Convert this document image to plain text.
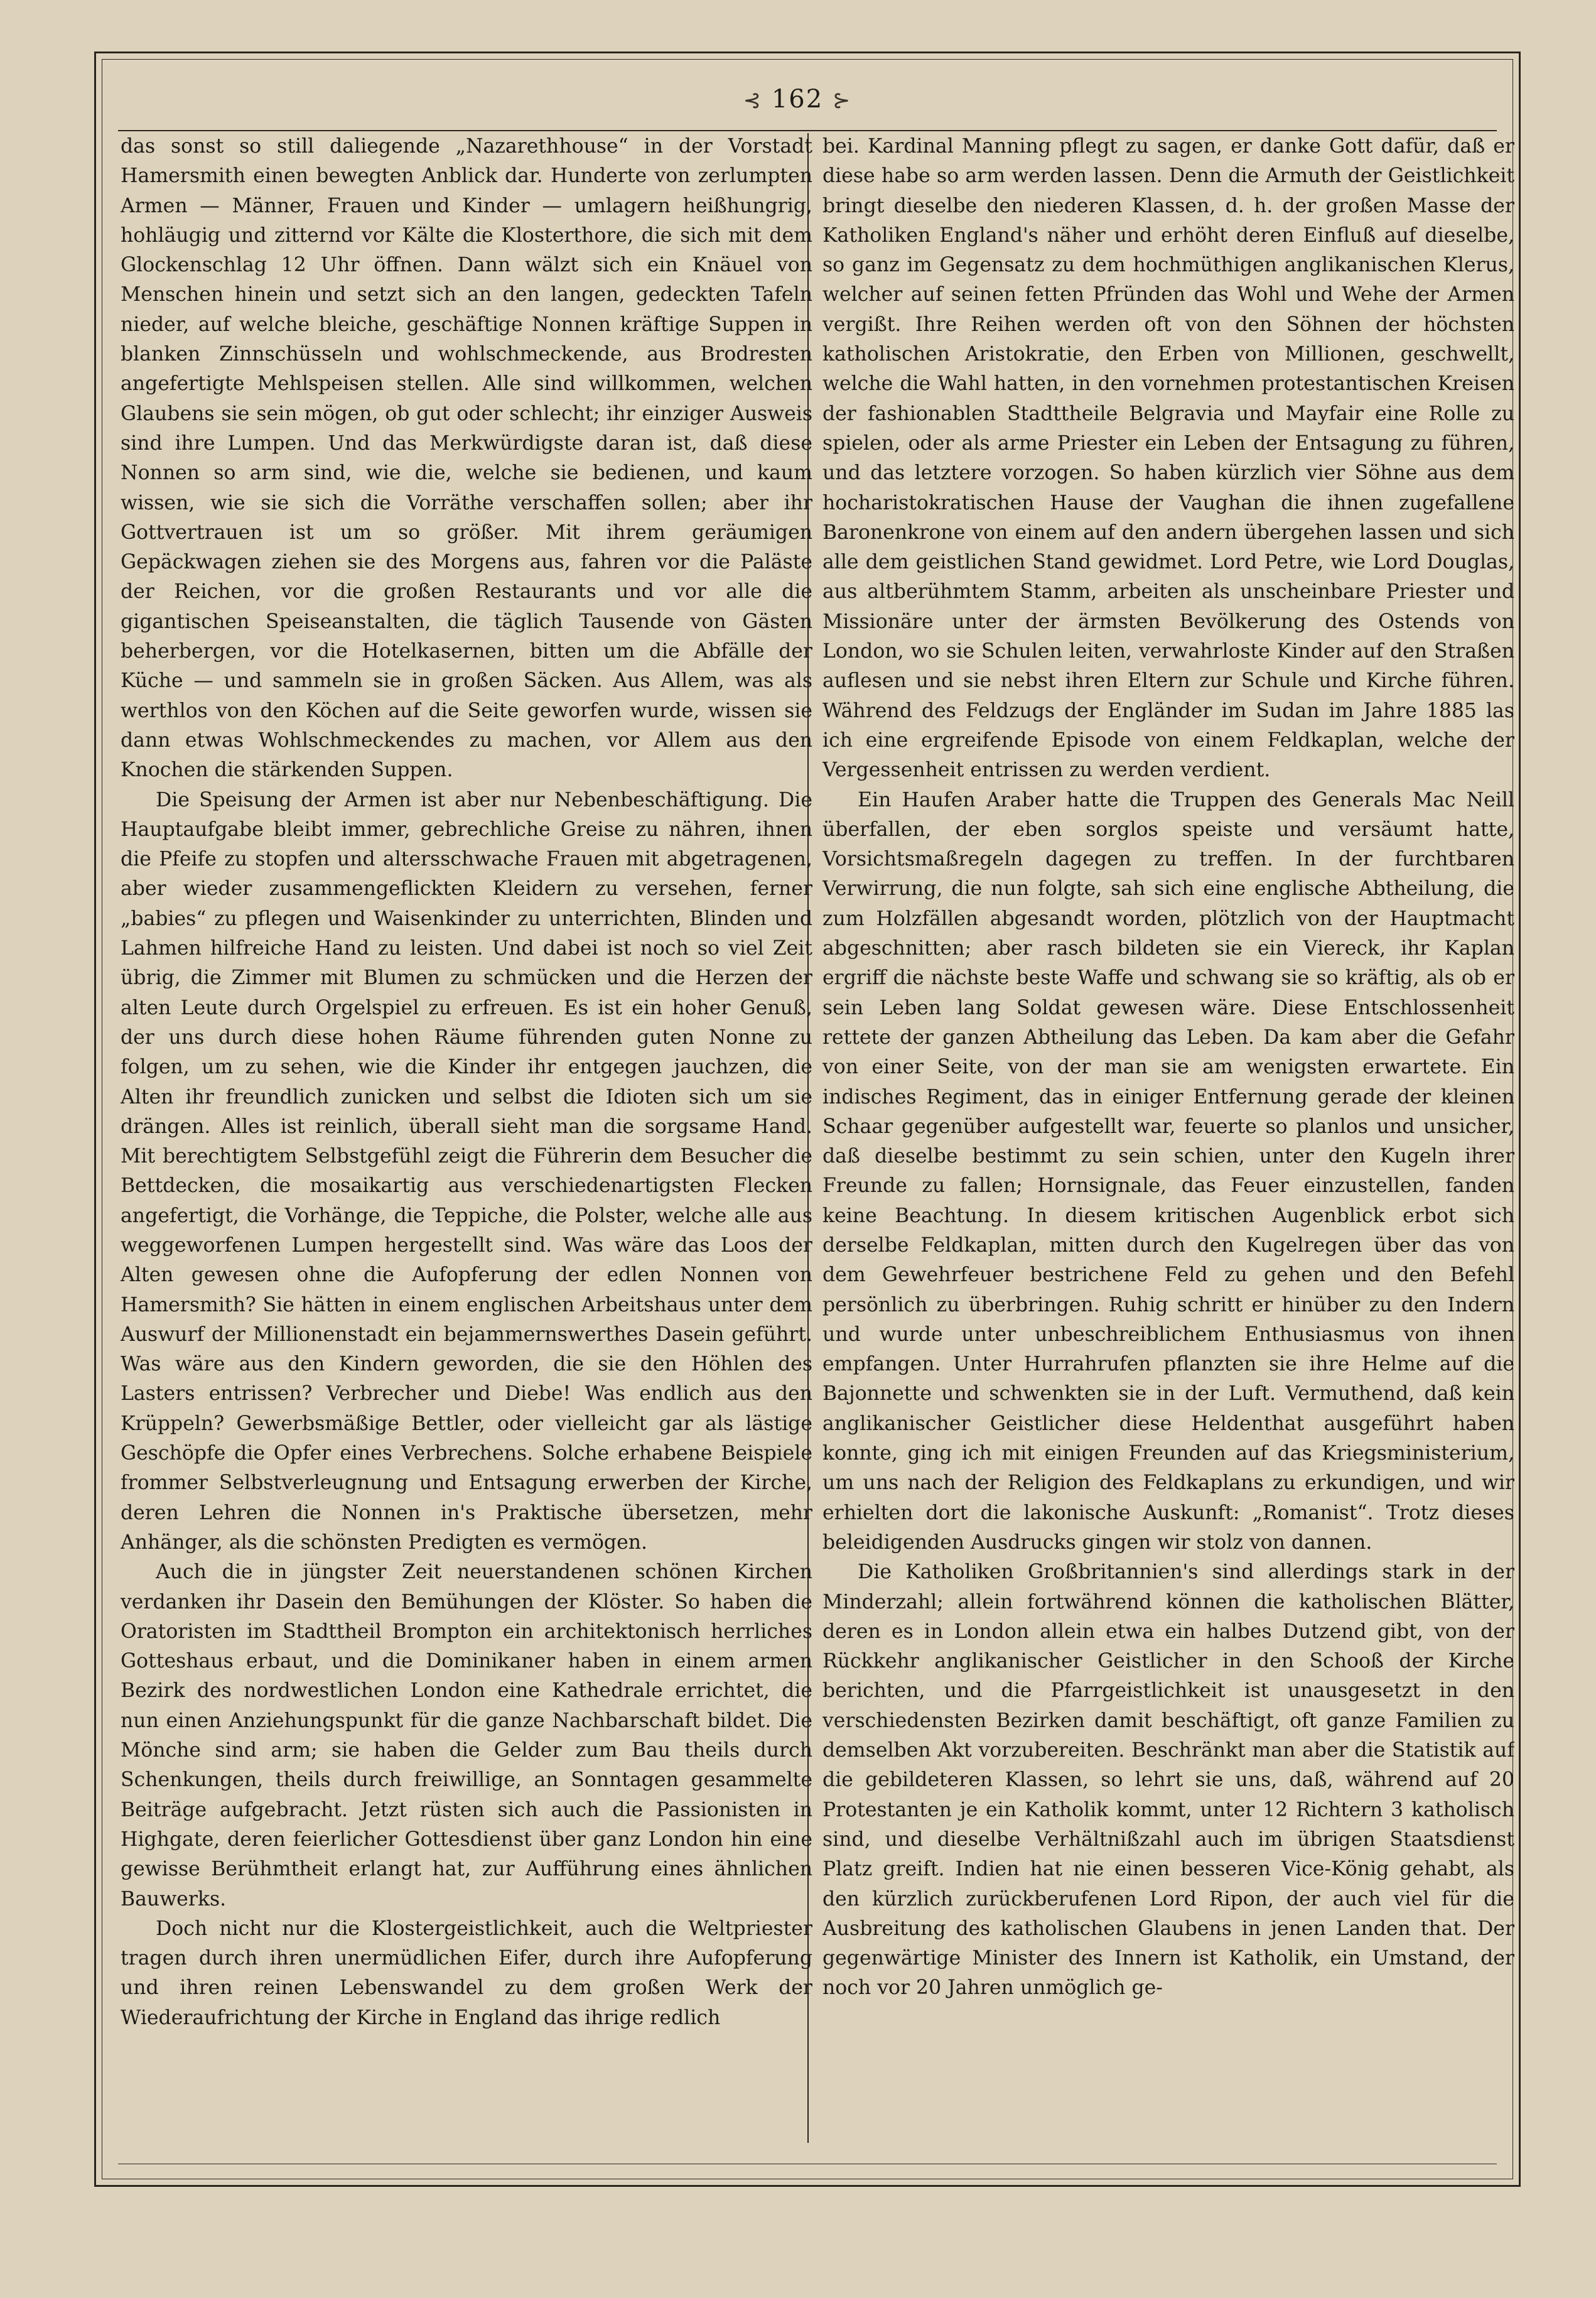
⊰ 162 ⊱

das sonst so still daliegende „Nazarethhouse“ in der Vorstadt Hamersmith einen bewegten Anblick dar. Hunderte von zerlumpten Armen — Männer, Frauen und Kinder — umlagern heißhungrig, hohläugig und zitternd vor Kälte die Klosterthore, die sich mit dem Glockenschlag 12 Uhr öffnen. Dann wälzt sich ein Knäuel von Menschen hinein und setzt sich an den langen, gedeckten Tafeln nieder, auf welche bleiche, geschäftige Nonnen kräftige Suppen in blanken Zinnschüsseln und wohlschmeckende, aus Brodresten angefertigte Mehlspeisen stellen. Alle sind willkommen, welchen Glaubens sie sein mögen, ob gut oder schlecht; ihr einziger Ausweis sind ihre Lumpen. Und das Merkwürdigste daran ist, daß diese Nonnen so arm sind, wie die, welche sie bedienen, und kaum wissen, wie sie sich die Vorräthe verschaffen sollen; aber ihr Gottvertrauen ist um so größer. Mit ihrem geräumigen Gepäckwagen ziehen sie des Morgens aus, fahren vor die Paläste der Reichen, vor die großen Restaurants und vor alle die gigantischen Speiseanstalten, die täglich Tausende von Gästen beherbergen, vor die Hotelkasernen, bitten um die Abfälle der Küche — und sammeln sie in großen Säcken. Aus Allem, was als werthlos von den Köchen auf die Seite geworfen wurde, wissen sie dann etwas Wohlschmeckendes zu machen, vor Allem aus den Knochen die stärkenden Suppen.

Die Speisung der Armen ist aber nur Nebenbeschäftigung. Die Hauptaufgabe bleibt immer, gebrechliche Greise zu nähren, ihnen die Pfeife zu stopfen und altersschwache Frauen mit abgetragenen, aber wieder zusammengeflickten Kleidern zu versehen, ferner „babies“ zu pflegen und Waisenkinder zu unterrichten, Blinden und Lahmen hilfreiche Hand zu leisten. Und dabei ist noch so viel Zeit übrig, die Zimmer mit Blumen zu schmücken und die Herzen der alten Leute durch Orgelspiel zu erfreuen. Es ist ein hoher Genuß, der uns durch diese hohen Räume führenden guten Nonne zu folgen, um zu sehen, wie die Kinder ihr entgegen jauchzen, die Alten ihr freundlich zunicken und selbst die Idioten sich um sie drängen. Alles ist reinlich, überall sieht man die sorgsame Hand. Mit berechtigtem Selbstgefühl zeigt die Führerin dem Besucher die Bettdecken, die mosaikartig aus verschiedenartigsten Flecken angefertigt, die Vorhänge, die Teppiche, die Polster, welche alle aus weggeworfenen Lumpen hergestellt sind. Was wäre das Loos der Alten gewesen ohne die Aufopferung der edlen Nonnen von Hamersmith? Sie hätten in einem englischen Arbeitshaus unter dem Auswurf der Millionenstadt ein bejammernswerthes Dasein geführt. Was wäre aus den Kindern geworden, die sie den Höhlen des Lasters entrissen? Verbrecher und Diebe! Was endlich aus den Krüppeln? Gewerbsmäßige Bettler, oder vielleicht gar als lästige Geschöpfe die Opfer eines Verbrechens. Solche erhabene Beispiele frommer Selbstverleugnung und Entsagung erwerben der Kirche, deren Lehren die Nonnen in's Praktische übersetzen, mehr Anhänger, als die schönsten Predigten es vermögen.

Auch die in jüngster Zeit neuerstandenen schönen Kirchen verdanken ihr Dasein den Bemühungen der Klöster. So haben die Oratoristen im Stadttheil Brompton ein architektonisch herrliches Gotteshaus erbaut, und die Dominikaner haben in einem armen Bezirk des nordwestlichen London eine Kathedrale errichtet, die nun einen Anziehungspunkt für die ganze Nachbarschaft bildet. Die Mönche sind arm; sie haben die Gelder zum Bau theils durch Schenkungen, theils durch freiwillige, an Sonntagen gesammelte Beiträge aufgebracht. Jetzt rüsten sich auch die Passionisten in Highgate, deren feierlicher Gottesdienst über ganz London hin eine gewisse Berühmtheit erlangt hat, zur Aufführung eines ähnlichen Bauwerks.

Doch nicht nur die Klostergeistlichkeit, auch die Weltpriester tragen durch ihren unermüdlichen Eifer, durch ihre Aufopferung und ihren reinen Lebenswandel zu dem großen Werk der Wiederaufrichtung der Kirche in England das ihrige redlich

bei. Kardinal Manning pflegt zu sagen, er danke Gott dafür, daß er diese habe so arm werden lassen. Denn die Armuth der Geistlichkeit bringt dieselbe den niederen Klassen, d. h. der großen Masse der Katholiken England's näher und erhöht deren Einfluß auf dieselbe, so ganz im Gegensatz zu dem hochmüthigen anglikanischen Klerus, welcher auf seinen fetten Pfründen das Wohl und Wehe der Armen vergißt. Ihre Reihen werden oft von den Söhnen der höchsten katholischen Aristokratie, den Erben von Millionen, geschwellt, welche die Wahl hatten, in den vornehmen protestantischen Kreisen der fashionablen Stadttheile Belgravia und Mayfair eine Rolle zu spielen, oder als arme Priester ein Leben der Entsagung zu führen, und das letztere vorzogen. So haben kürzlich vier Söhne aus dem hocharistokratischen Hause der Vaughan die ihnen zugefallene Baronenkrone von einem auf den andern übergehen lassen und sich alle dem geistlichen Stand gewidmet. Lord Petre, wie Lord Douglas, aus altberühmtem Stamm, arbeiten als unscheinbare Priester und Missionäre unter der ärmsten Bevölkerung des Ostends von London, wo sie Schulen leiten, verwahrloste Kinder auf den Straßen auflesen und sie nebst ihren Eltern zur Schule und Kirche führen. Während des Feldzugs der Engländer im Sudan im Jahre 1885 las ich eine ergreifende Episode von einem Feldkaplan, welche der Vergessenheit entrissen zu werden verdient.

Ein Haufen Araber hatte die Truppen des Generals Mac Neill überfallen, der eben sorglos speiste und versäumt hatte, Vorsichtsmaßregeln dagegen zu treffen. In der furchtbaren Verwirrung, die nun folgte, sah sich eine englische Abtheilung, die zum Holzfällen abgesandt worden, plötzlich von der Hauptmacht abgeschnitten; aber rasch bildeten sie ein Viereck, ihr Kaplan ergriff die nächste beste Waffe und schwang sie so kräftig, als ob er sein Leben lang Soldat gewesen wäre. Diese Entschlossenheit rettete der ganzen Abtheilung das Leben. Da kam aber die Gefahr von einer Seite, von der man sie am wenigsten erwartete. Ein indisches Regiment, das in einiger Entfernung gerade der kleinen Schaar gegenüber aufgestellt war, feuerte so planlos und unsicher, daß dieselbe bestimmt zu sein schien, unter den Kugeln ihrer Freunde zu fallen; Hornsignale, das Feuer einzustellen, fanden keine Beachtung. In diesem kritischen Augenblick erbot sich derselbe Feldkaplan, mitten durch den Kugelregen über das von dem Gewehrfeuer bestrichene Feld zu gehen und den Befehl persönlich zu überbringen. Ruhig schritt er hinüber zu den Indern und wurde unter unbeschreiblichem Enthusiasmus von ihnen empfangen. Unter Hurrahrufen pflanzten sie ihre Helme auf die Bajonnette und schwenkten sie in der Luft. Vermuthend, daß kein anglikanischer Geistlicher diese Heldenthat ausgeführt haben konnte, ging ich mit einigen Freunden auf das Kriegsministerium, um uns nach der Religion des Feldkaplans zu erkundigen, und wir erhielten dort die lakonische Auskunft: „Romanist“. Trotz dieses beleidigenden Ausdrucks gingen wir stolz von dannen.

Die Katholiken Großbritannien's sind allerdings stark in der Minderzahl; allein fortwährend können die katholischen Blätter, deren es in London allein etwa ein halbes Dutzend gibt, von der Rückkehr anglikanischer Geistlicher in den Schooß der Kirche berichten, und die Pfarrgeistlichkeit ist unausgesetzt in den verschiedensten Bezirken damit beschäftigt, oft ganze Familien zu demselben Akt vorzubereiten. Beschränkt man aber die Statistik auf die gebildeteren Klassen, so lehrt sie uns, daß, während auf 20 Protestanten je ein Katholik kommt, unter 12 Richtern 3 katholisch sind, und dieselbe Verhältnißzahl auch im übrigen Staatsdienst Platz greift. Indien hat nie einen besseren Vice-König gehabt, als den kürzlich zurückberufenen Lord Ripon, der auch viel für die Ausbreitung des katholischen Glaubens in jenen Landen that. Der gegenwärtige Minister des Innern ist Katholik, ein Umstand, der noch vor 20 Jahren unmöglich ge-
